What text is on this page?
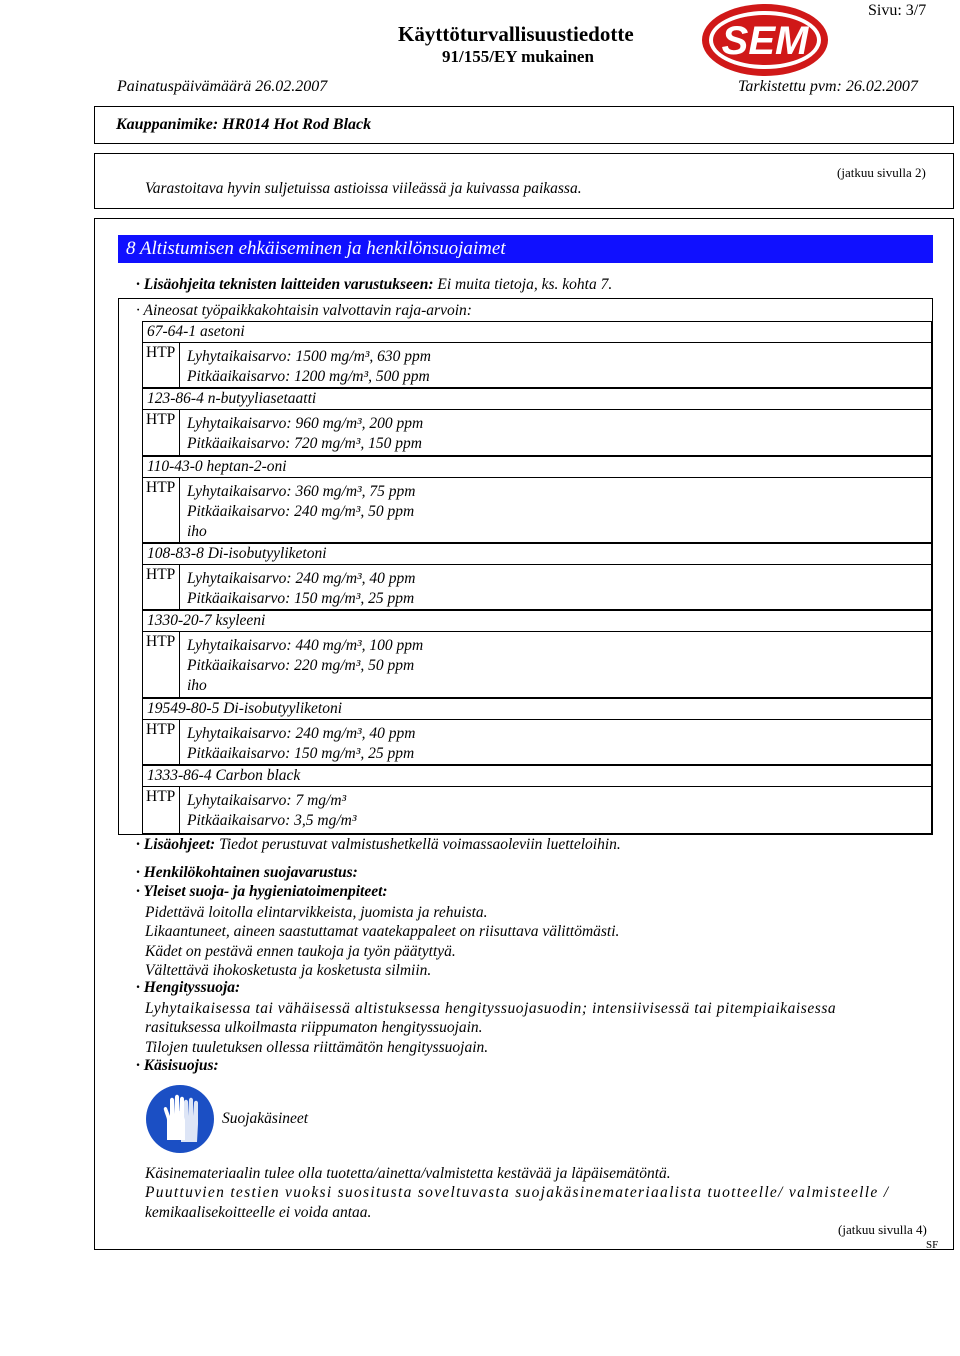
Sivu: 3/7
Käyttöturvallisuustiedotte
91/155/EY mukainen	SEM
Painatuspäivämäärä 26.02.2007	Tarkistettu pvm: 26.02.2007
Kauppanimike: HR014 Hot Rod Black
(jatkuu sivulla 2)
Varastoitava hyvin suljetuissa astioissa viileässä ja kuivassa paikassa.
8 Altistumisen ehkäiseminen ja henkilönsuojaimet
· Lisäohjeita teknisten laitteiden varustukseen: Ei muita tietoja, ks. kohta 7.
· Aineosat työpaikkakohtaisin valvottavin raja-arvoin:
67-64-1 asetoni
HTP Lyhytaikaisarvo: 1500 mg/m³, 630 ppm
Pitkäaikaisarvo: 1200 mg/m³, 500 ppm
123-86-4 n-butyyliasetaatti
HTP Lyhytaikaisarvo: 960 mg/m³, 200 ppm
Pitkäaikaisarvo: 720 mg/m³, 150 ppm
110-43-0 heptan-2-oni
HTP Lyhytaikaisarvo: 360 mg/m³, 75 ppm
Pitkäaikaisarvo: 240 mg/m³, 50 ppm
iho
108-83-8 Di-isobutyyliketoni
HTP Lyhytaikaisarvo: 240 mg/m³, 40 ppm
Pitkäaikaisarvo: 150 mg/m³, 25 ppm
1330-20-7 ksyleeni
HTP Lyhytaikaisarvo: 440 mg/m³, 100 ppm
Pitkäaikaisarvo: 220 mg/m³, 50 ppm
iho
19549-80-5 Di-isobutyyliketoni
HTP Lyhytaikaisarvo: 240 mg/m³, 40 ppm
Pitkäaikaisarvo: 150 mg/m³, 25 ppm
1333-86-4 Carbon black
HTP Lyhytaikaisarvo: 7 mg/m³
Pitkäaikaisarvo: 3,5 mg/m³
· Lisäohjeet: Tiedot perustuvat valmistushetkellä voimassaoleviin luetteloihin.
· Henkilökohtainen suojavarustus:
· Yleiset suoja- ja hygieniatoimenpiteet:
Pidettävä loitolla elintarvikkeista, juomista ja rehuista.
Likaantuneet, aineen saastuttamat vaatekappaleet on riisuttava välittömästi.
Kädet on pestävä ennen taukoja ja työn päätyttyä.
Vältettävä ihokosketusta ja kosketusta silmiin.
· Hengityssuoja:
Lyhytaikaisessa tai vähäisessä altistuksessa hengityssuojasuodin; intensiivisessä tai pitempiaikaisessa
rasituksessa ulkoilmasta riippumaton hengityssuojain.
Tilojen tuuletuksen ollessa riittämätön hengityssuojain.
· Käsisuojus:
Suojakäsineet
Käsinemateriaalin tulee olla tuotetta/ainetta/valmistetta kestävää ja läpäisemätöntä.
Puuttuvien testien vuoksi suositusta soveltuvasta suojakäsinemateriaalista tuotteelle/ valmisteelle /
kemikaalisekoitteelle ei voida antaa.
(jatkuu sivulla 4)
SF
